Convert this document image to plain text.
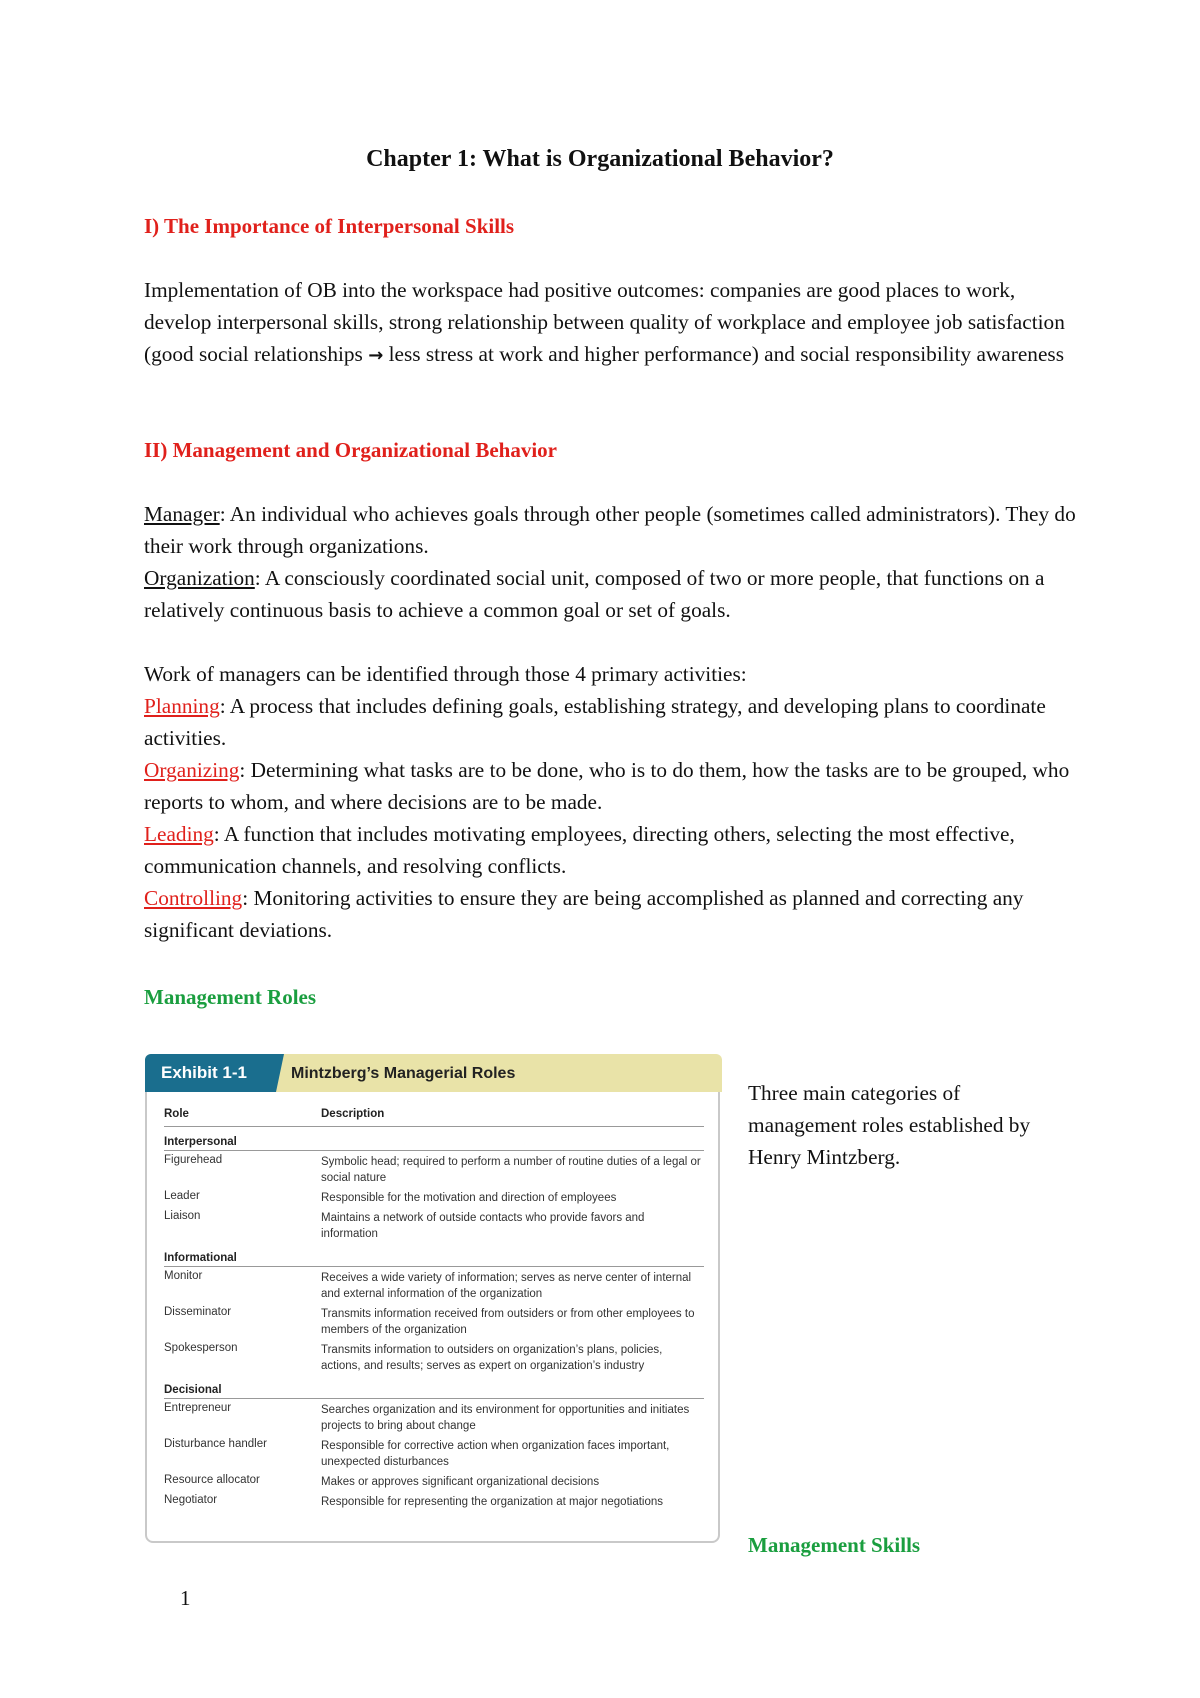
Chapter 1: What is Organizational Behavior?
I) The Importance of Interpersonal Skills

Implementation of OB into the workspace had positive outcomes: companies are good places to work, develop interpersonal skills, strong relationship between quality of workplace and employee job satisfaction (good social relationships → less stress at work and higher performance) and social responsibility awareness

II) Management and Organizational Behavior

Manager: An individual who achieves goals through other people (sometimes called administrators). They do their work through organizations.

Organization: A consciously coordinated social unit, composed of two or more people, that functions on a relatively continuous basis to achieve a common goal or set of goals.

Work of managers can be identified through those 4 primary activities:

Planning: A process that includes defining goals, establishing strategy, and developing plans to coordinate activities.

Organizing: Determining what tasks are to be done, who is to do them, how the tasks are to be grouped, who reports to whom, and where decisions are to be made.

Leading: A function that includes motivating employees, directing others, selecting the most effective, communication channels, and resolving conflicts.

Controlling: Monitoring activities to ensure they are being accomplished as planned and correcting any significant deviations.

Management Roles
Exhibit 1-1	Mintzberg’s Managerial Roles
Role	Description
Interpersonal
Figurehead	Symbolic head; required to perform a number of routine duties of a legal or social nature
Leader	Responsible for the motivation and direction of employees
Liaison	Maintains a network of outside contacts who provide favors and information
Informational
Monitor	Receives a wide variety of information; serves as nerve center of internal and external information of the organization
Disseminator	Transmits information received from outsiders or from other employees to members of the organization
Spokesperson	Transmits information to outsiders on organization’s plans, policies, actions, and results; serves as expert on organization’s industry
Decisional
Entrepreneur	Searches organization and its environment for opportunities and initiates projects to bring about change
Disturbance handler	Responsible for corrective action when organization faces important, unexpected disturbances
Resource allocator	Makes or approves significant organizational decisions
Negotiator	Responsible for representing the organization at major negotiations
Three main categories of management roles established by Henry Mintzberg.
Management Skills
1
